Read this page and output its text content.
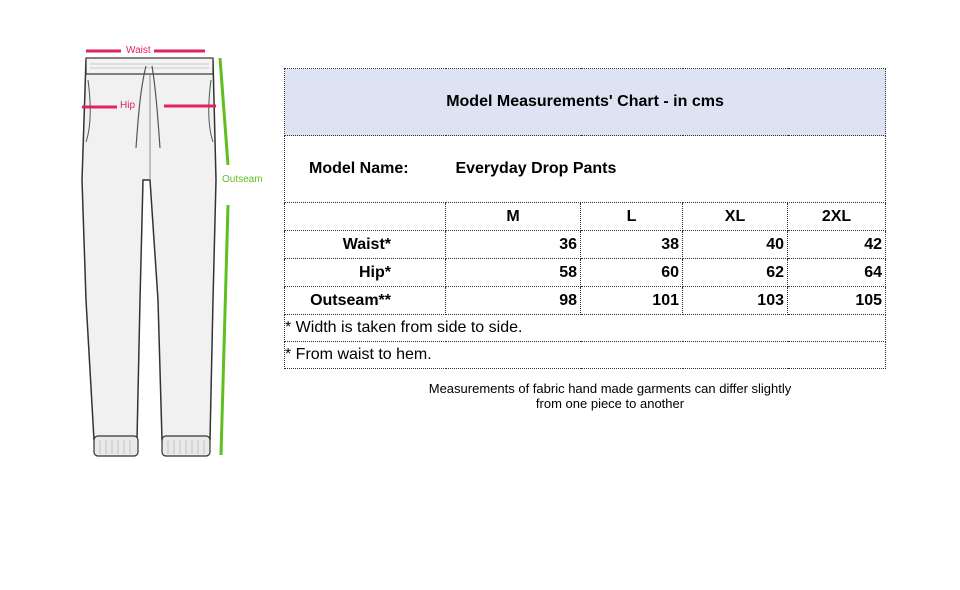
Waist
Hip
Outseam
Model Measurements' Chart - in cms				
Model Name: Everyday Drop Pants				
	M	L	XL	2XL
Waist*	36	38	40	42
Hip*	58	60	62	64
Outseam**	98	101	103	105
* Width is taken from side to side.				
* From waist to hem.				
Measurements of fabric hand made garments can differ slightly
from one piece to another
